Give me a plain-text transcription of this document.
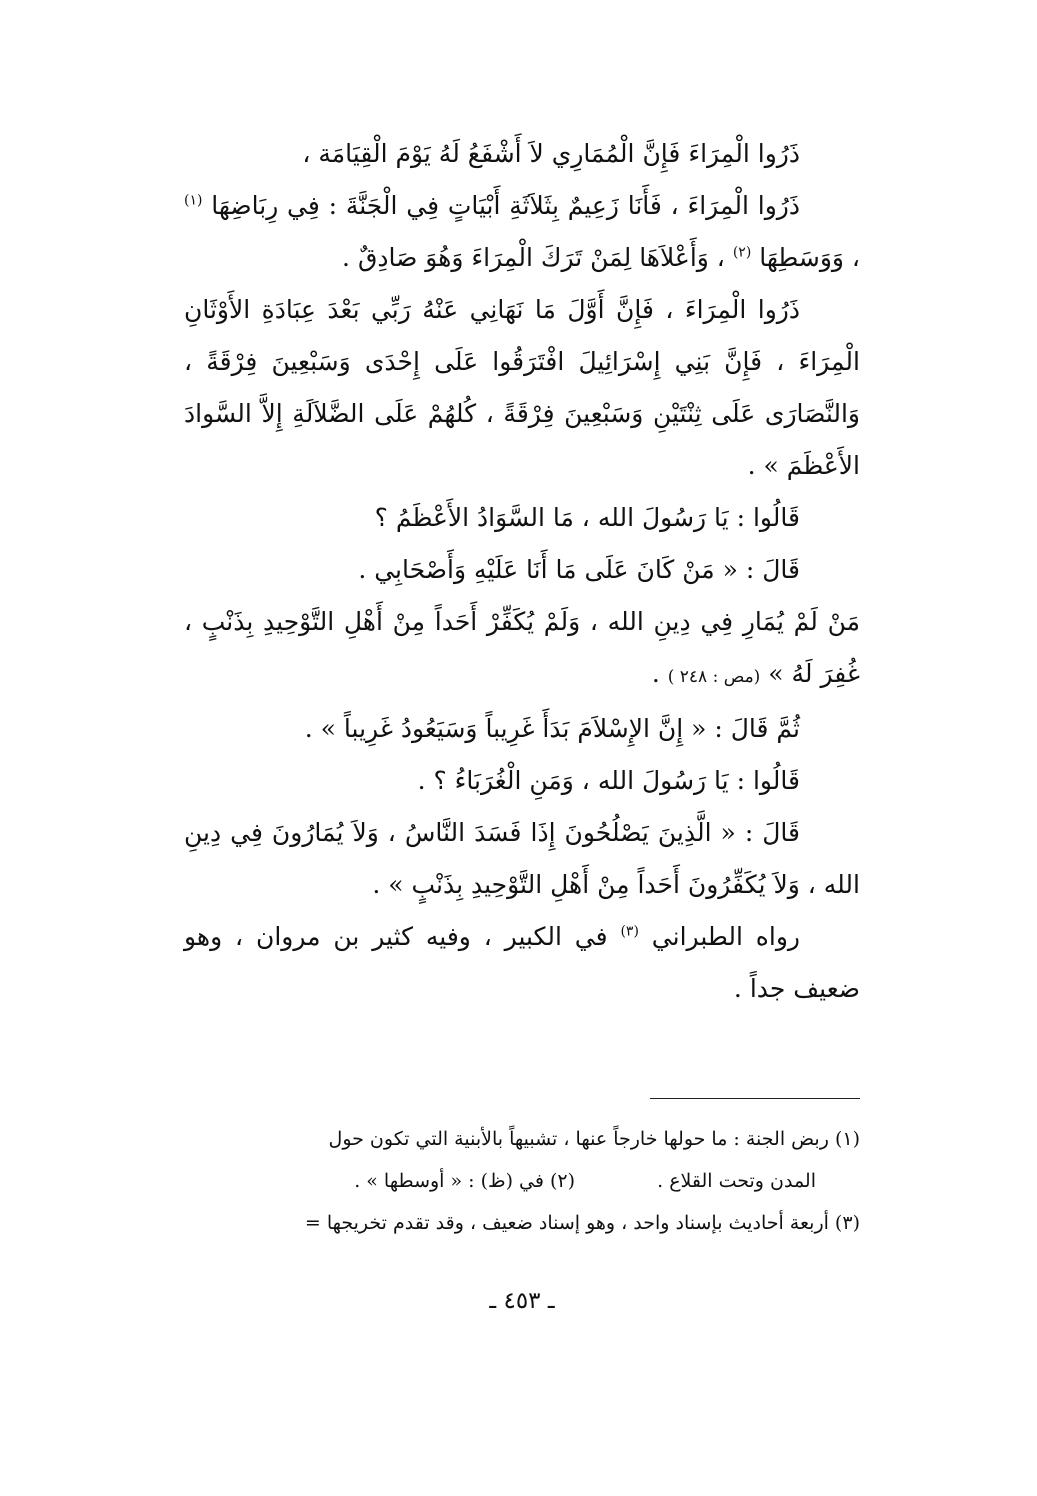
ذَرُوا الْمِرَاءَ فَإِنَّ الْمُمَارِي لاَ أَشْفَعُ لَهُ يَوْمَ الْقِيَامَة ،

ذَرُوا الْمِرَاءَ ، فَأَنَا زَعِيمٌ بِثَلاَثَةِ أَبْيَاتٍ فِي الْجَنَّةَ : فِي رِبَاضِهَا $^{(١)}$ ، وَوَسَطِهَا $^{(٢)}$ ، وَأَعْلاَهَا لِمَنْ تَرَكَ الْمِرَاءَ وَهُوَ صَادِقٌ .

ذَرُوا الْمِرَاءَ ، فَإِنَّ أَوَّلَ مَا نَهَانِي عَنْهُ رَبِّي بَعْدَ عِبَادَةِ الأَوْثَانِ الْمِرَاءَ ، فَإِنَّ بَنِي إِسْرَائِيلَ افْتَرَقُوا عَلَى إِحْدَى وَسَبْعِينَ فِرْقَةً ، وَالنَّصَارَى عَلَى ثِنْتَيْنِ وَسَبْعِينَ فِرْقَةً ، كُلهُمْ عَلَى الضَّلاَلَةِ إِلاَّ السَّوادَ الأَعْظَمَ » .

قَالُوا : يَا رَسُولَ الله ، مَا السَّوَادُ الأَعْظَمُ ؟

قَالَ : « مَنْ كَانَ عَلَى مَا أَنَا عَلَيْهِ وَأَصْحَابِي .

مَنْ لَمْ يُمَارِ فِي دِينِ الله ، وَلَمْ يُكَفِّرْ أَحَداً مِنْ أَهْلِ التَّوْحِيدِ بِذَنْبٍ ، غُفِرَ لَهُ » (مص : ٢٤٨ ) .

ثُمَّ قَالَ : « إِنَّ الإِسْلاَمَ بَدَأَ غَرِيباً وَسَيَعُودُ غَرِيباً » .

قَالُوا : يَا رَسُولَ الله ، وَمَنِ الْغُرَبَاءُ ؟ .

قَالَ : « الَّذِينَ يَصْلُحُونَ إِذَا فَسَدَ النَّاسُ ، وَلاَ يُمَارُونَ فِي دِينِ الله ، وَلاَ يُكَفِّرُونَ أَحَداً مِنْ أَهْلِ التَّوْحِيدِ بِذَنْبٍ » .

رواه الطبراني $^{(٣)}$ في الكبير ، وفيه كثير بن مروان ، وهو ضعيف جداً .

(١) ربض الجنة : ما حولها خارجاً عنها ، تشبيهاً بالأبنية التي تكون حول

المدن وتحت القلاع .  (٢) في (ظ) : « أوسطها » .

(٣) أربعة أحاديث بإسناد واحد ، وهو إسناد ضعيف ، وقد تقدم تخريجها =

ـ ٤٥٣ ـ
